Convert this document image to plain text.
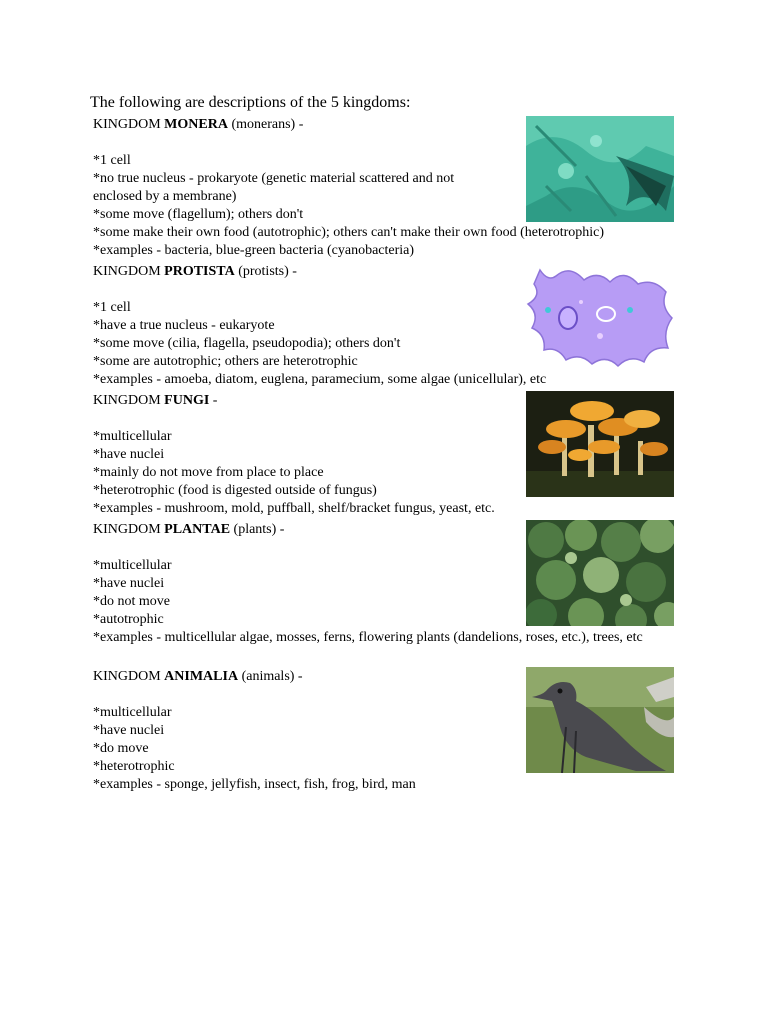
The following are descriptions of the 5 kingdoms:
KINGDOM MONERA (monerans) -
*1 cell
*no true nucleus - prokaryote (genetic material scattered and not
enclosed by a membrane)
*some move (flagellum); others don't
*some make their own food (autotrophic); others can't make their own food (heterotrophic)
*examples - bacteria, blue-green bacteria (cyanobacteria)
KINGDOM PROTISTA (protists) -
*1 cell
*have a true nucleus - eukaryote
*some move (cilia, flagella, pseudopodia); others don't
*some are autotrophic; others are heterotrophic
*examples - amoeba, diatom, euglena, paramecium, some algae (unicellular), etc
KINGDOM FUNGI -
*multicellular
*have nuclei
*mainly do not move from place to place
*heterotrophic (food is digested outside of fungus)
*examples - mushroom, mold, puffball, shelf/bracket fungus, yeast, etc.
KINGDOM PLANTAE (plants) -
*multicellular
*have nuclei
*do not move
*autotrophic
*examples - multicellular algae, mosses, ferns, flowering plants (dandelions, roses, etc.), trees, etc
KINGDOM ANIMALIA (animals) -
*multicellular
*have nuclei
*do move
*heterotrophic
*examples - sponge, jellyfish, insect, fish, frog, bird, man
